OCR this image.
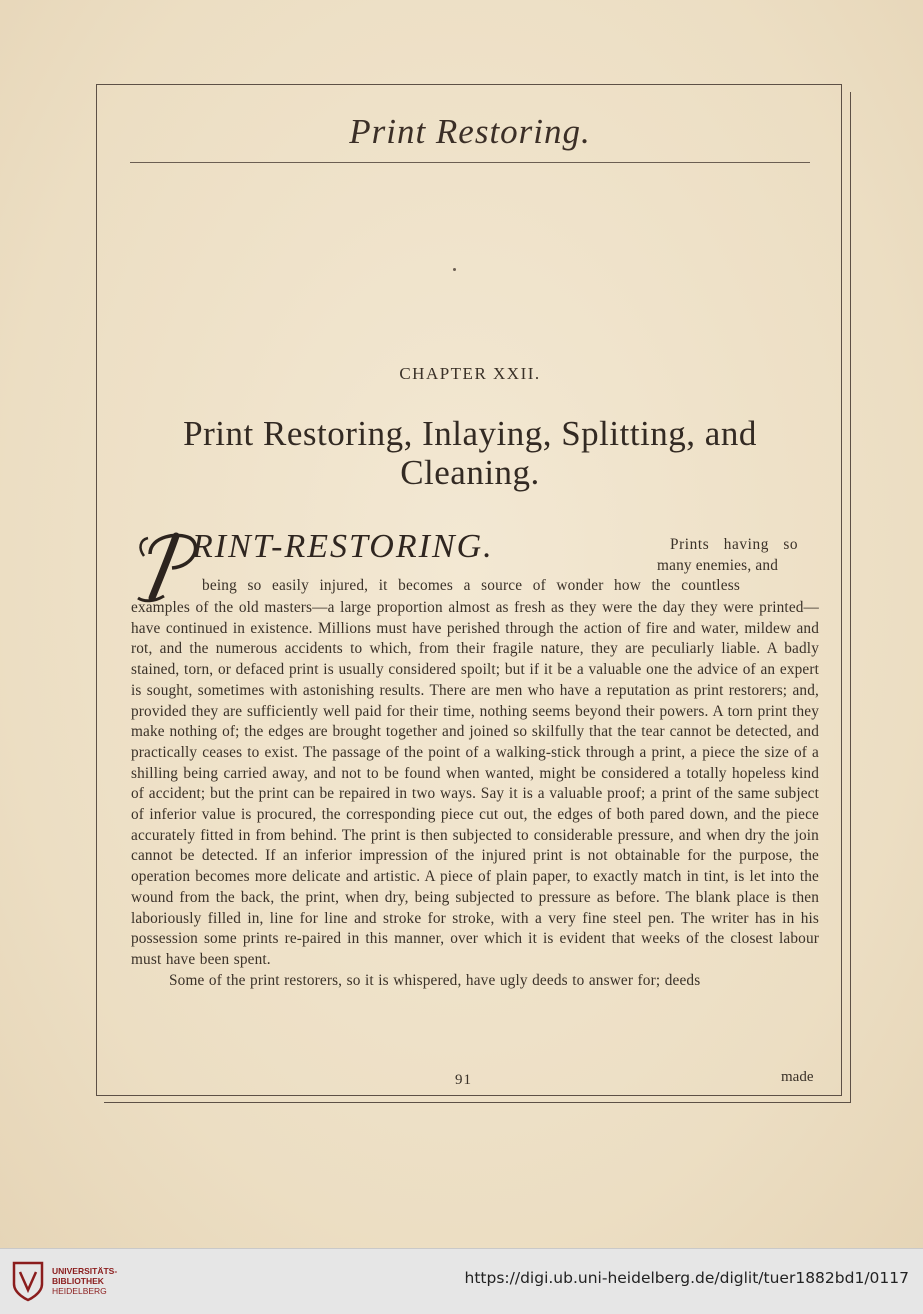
Print Restoring.
CHAPTER XXII.
Print Restoring, Inlaying, Splitting, and
Cleaning.
RINT-RESTORING.	Prints having so
many enemies, and
being so easily injured, it becomes a source of wonder how the countless

examples of the old masters—a large proportion almost as fresh as they were the day they were printed—have continued in existence. Millions must have perished through the action of fire and water, mildew and rot, and the numerous accidents to which, from their fragile nature, they are peculiarly liable. A badly stained, torn, or defaced print is usually considered spoilt; but if it be a valuable one the advice of an expert is sought, sometimes with astonishing results. There are men who have a reputation as print restorers; and, provided they are sufficiently well paid for their time, nothing seems beyond their powers. A torn print they make nothing of; the edges are brought together and joined so skilfully that the tear cannot be detected, and practically ceases to exist. The passage of the point of a walking-stick through a print, a piece the size of a shilling being carried away, and not to be found when wanted, might be considered a totally hopeless kind of accident; but the print can be repaired in two ways. Say it is a valuable proof; a print of the same subject of inferior value is procured, the corresponding piece cut out, the edges of both pared down, and the piece accurately fitted in from behind. The print is then subjected to considerable pressure, and when dry the join cannot be detected. If an inferior impression of the injured print is not obtainable for the purpose, the operation becomes more delicate and artistic. A piece of plain paper, to exactly match in tint, is let into the wound from the back, the print, when dry, being subjected to pressure as before. The blank place is then laboriously filled in, line for line and stroke for stroke, with a very fine steel pen. The writer has in his possession some prints re-paired in this manner, over which it is evident that weeks of the closest labour must have been spent.

Some of the print restorers, so it is whispered, have ugly deeds to answer for; deeds

91	made
UNIVERSITÄTS-
BIBLIOTHEK
HEIDELBERG
https://digi.ub.uni-heidelberg.de/diglit/tuer1882bd1/0117
